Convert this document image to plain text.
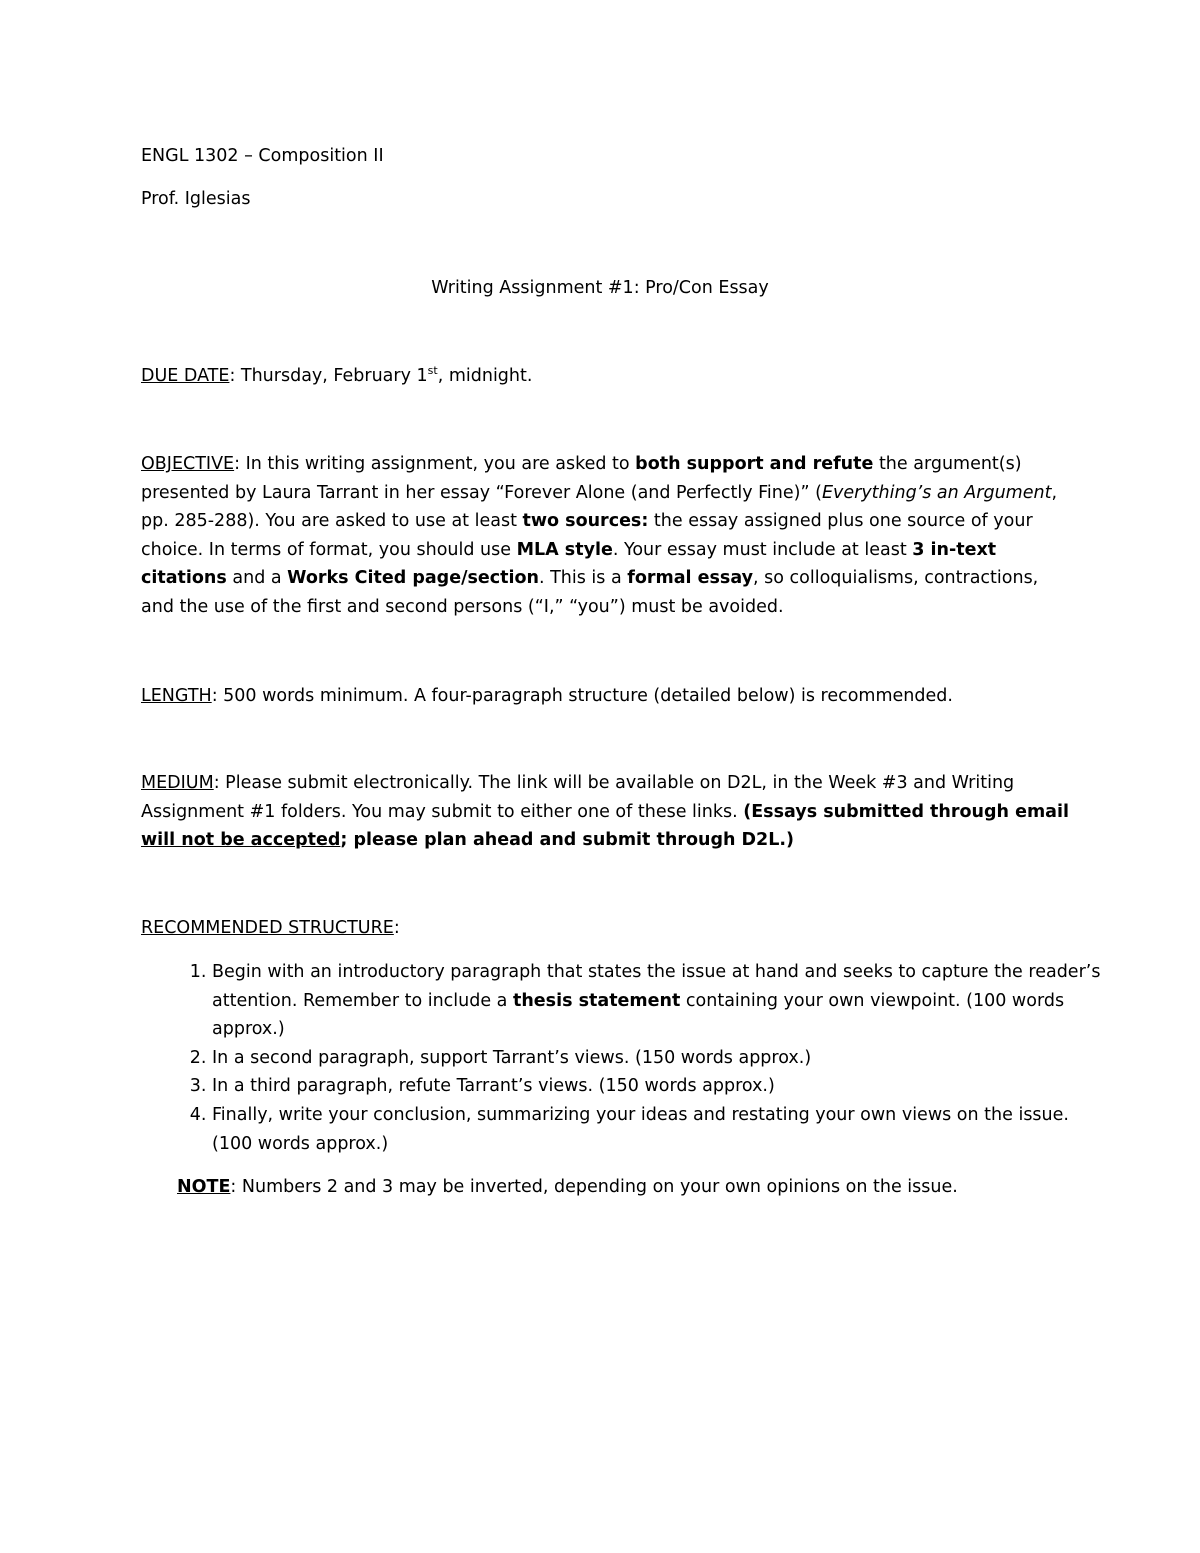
ENGL 1302 – Composition II
Prof. Iglesias
Writing Assignment #1: Pro/Con Essay
DUE DATE: Thursday, February 1st, midnight.
OBJECTIVE: In this writing assignment, you are asked to both support and refute the argument(s) presented by Laura Tarrant in her essay “Forever Alone (and Perfectly Fine)” (Everything’s an Argument, pp. 285-288). You are asked to use at least two sources: the essay assigned plus one source of your choice. In terms of format, you should use MLA style. Your essay must include at least 3 in-text citations and a Works Cited page/section. This is a formal essay, so colloquialisms, contractions, and the use of the first and second persons (“I,” “you”) must be avoided.
LENGTH: 500 words minimum. A four-paragraph structure (detailed below) is recommended.
MEDIUM: Please submit electronically. The link will be available on D2L, in the Week #3 and Writing Assignment #1 folders. You may submit to either one of these links. (Essays submitted through email will not be accepted; please plan ahead and submit through D2L.)
RECOMMENDED STRUCTURE:
1. Begin with an introductory paragraph that states the issue at hand and seeks to capture the reader’s attention. Remember to include a thesis statement containing your own viewpoint. (100 words approx.)
2. In a second paragraph, support Tarrant’s views. (150 words approx.)
3. In a third paragraph, refute Tarrant’s views. (150 words approx.)
4. Finally, write your conclusion, summarizing your ideas and restating your own views on the issue. (100 words approx.)
NOTE: Numbers 2 and 3 may be inverted, depending on your own opinions on the issue.
